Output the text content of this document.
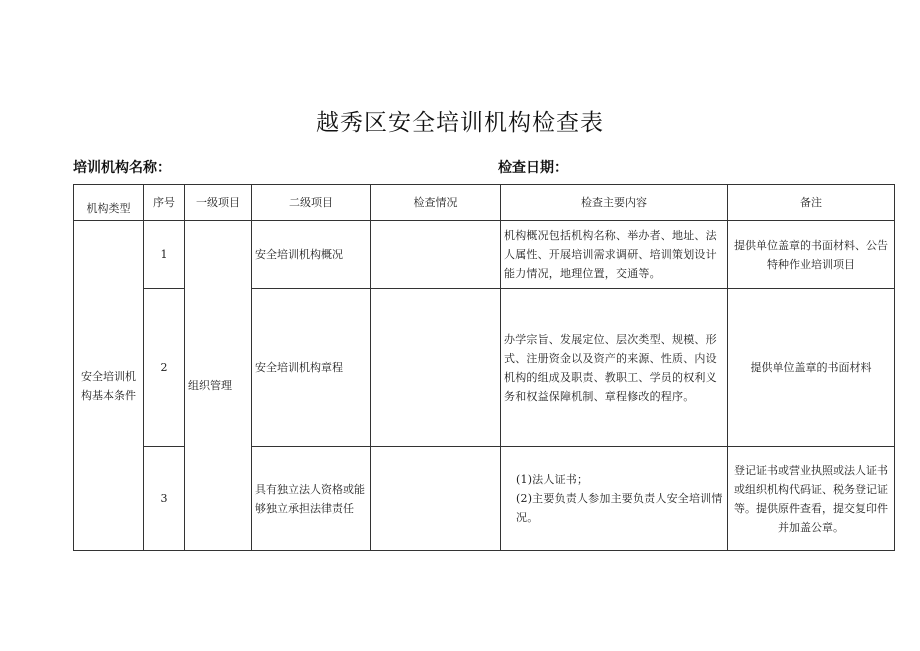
越秀区安全培训机构检查表
培训机构名称：	检查日期：
机构类型	序号	一级项目	二级项目	检查情况	检查主要内容	备注
安全培训机构基本条件	1	组织管理	安全培训机构概况		机构概况包括机构名称、举办者、地址、法人属性、开展培训需求调研、培训策划设计能力情况，地理位置，交通等。	提供单位盖章的书面材料、公告特种作业培训项目
	2		安全培训机构章程		办学宗旨、发展定位、层次类型、规模、形式、注册资金以及资产的来源、性质、内设机构的组成及职责、教职工、学员的权利义务和权益保障机制、章程修改的程序。	提供单位盖章的书面材料
	3		具有独立法人资格或能够独立承担法律责任		(1)法人证书；
(2)主要负责人参加主要负责人安全培训情况。	登记证书或营业执照或法人证书或组织机构代码证、税务登记证等。提供原件查看，提交复印件并加盖公章。
